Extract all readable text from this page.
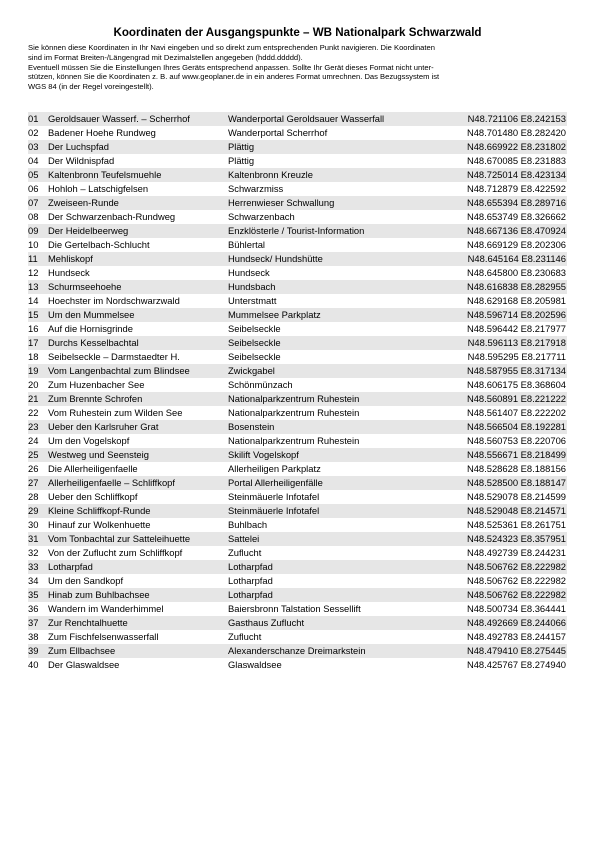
Koordinaten der Ausgangspunkte – WB Nationalpark Schwarzwald
Sie können diese Koordinaten in Ihr Navi eingeben und so direkt zum entsprechenden Punkt navigieren. Die Koordinaten
sind im Format Breiten-/Längengrad mit Dezimalstellen angegeben (hddd.ddddd).
Eventuell müssen Sie die Einstellungen Ihres Geräts entsprechend anpassen. Sollte Ihr Gerät dieses Format nicht unter-
stützen, können Sie die Koordinaten z. B. auf www.geoplaner.de in ein anderes Format umrechnen. Das Bezugssystem ist
WGS 84 (in der Regel voreingestellt).
01	Geroldsauer Wasserf. – Scherrhof	Wanderportal Geroldsauer Wasserfall	N48.721106 E8.242153
02	Badener Hoehe Rundweg	Wanderportal Scherrhof	N48.701480 E8.282420
03	Der Luchspfad	Plättig	N48.669922 E8.231802
04	Der Wildnispfad	Plättig	N48.670085 E8.231883
05	Kaltenbronn Teufelsmuehle	Kaltenbronn Kreuzle	N48.725014 E8.423134
06	Hohloh – Latschigfelsen	Schwarzmiss	N48.712879 E8.422592
07	Zweiseen-Runde	Herrenwieser Schwallung	N48.655394 E8.289716
08	Der Schwarzenbach-Rundweg	Schwarzenbach	N48.653749 E8.326662
09	Der Heidelbeerweg	Enzklösterle / Tourist-Information	N48.667136 E8.470924
10	Die Gertelbach-Schlucht	Bühlertal	N48.669129 E8.202306
11	Mehliskopf	Hundseck/ Hundshütte	N48.645164 E8.231146
12	Hundseck	Hundseck	N48.645800 E8.230683
13	Schurmseehoehe	Hundsbach	N48.616838 E8.282955
14	Hoechster im Nordschwarzwald	Unterstmatt	N48.629168 E8.205981
15	Um den Mummelsee	Mummelsee Parkplatz	N48.596714 E8.202596
16	Auf die Hornisgrinde	Seibelseckle	N48.596442 E8.217977
17	Durchs Kesselbachtal	Seibelseckle	N48.596113 E8.217918
18	Seibelseckle – Darmstaedter H.	Seibelseckle	N48.595295 E8.217711
19	Vom Langenbachtal zum Blindsee	Zwickgabel	N48.587955 E8.317134
20	Zum Huzenbacher See	Schönmünzach	N48.606175 E8.368604
21	Zum Brennte Schrofen	Nationalparkzentrum Ruhestein	N48.560891 E8.221222
22	Vom Ruhestein zum Wilden See	Nationalparkzentrum Ruhestein	N48.561407 E8.222202
23	Ueber den Karlsruher Grat	Bosenstein	N48.566504 E8.192281
24	Um den Vogelskopf	Nationalparkzentrum Ruhestein	N48.560753 E8.220706
25	Westweg und Seensteig	Skilift Vogelskopf	N48.556671 E8.218499
26	Die Allerheiligenfaelle	Allerheiligen Parkplatz	N48.528628 E8.188156
27	Allerheiligenfaelle – Schliffkopf	Portal Allerheiligenfälle	N48.528500 E8.188147
28	Ueber den Schliffkopf	Steinmäuerle Infotafel	N48.529078 E8.214599
29	Kleine Schliffkopf-Runde	Steinmäuerle Infotafel	N48.529048 E8.214571
30	Hinauf zur Wolkenhuette	Buhlbach	N48.525361 E8.261751
31	Vom Tonbachtal zur Satteleihuette	Sattelei	N48.524323 E8.357951
32	Von der Zuflucht zum Schliffkopf	Zuflucht	N48.492739 E8.244231
33	Lotharpfad	Lotharpfad	N48.506762 E8.222982
34	Um den Sandkopf	Lotharpfad	N48.506762 E8.222982
35	Hinab zum Buhlbachsee	Lotharpfad	N48.506762 E8.222982
36	Wandern im Wanderhimmel	Baiersbronn Talstation Sessellift	N48.500734 E8.364441
37	Zur Renchtalhuette	Gasthaus Zuflucht	N48.492669 E8.244066
38	Zum Fischfelsenwasserfall	Zuflucht	N48.492783 E8.244157
39	Zum Ellbachsee	Alexanderschanze Dreimarkstein	N48.479410 E8.275445
40	Der Glaswaldsee	Glaswaldsee	N48.425767 E8.274940
